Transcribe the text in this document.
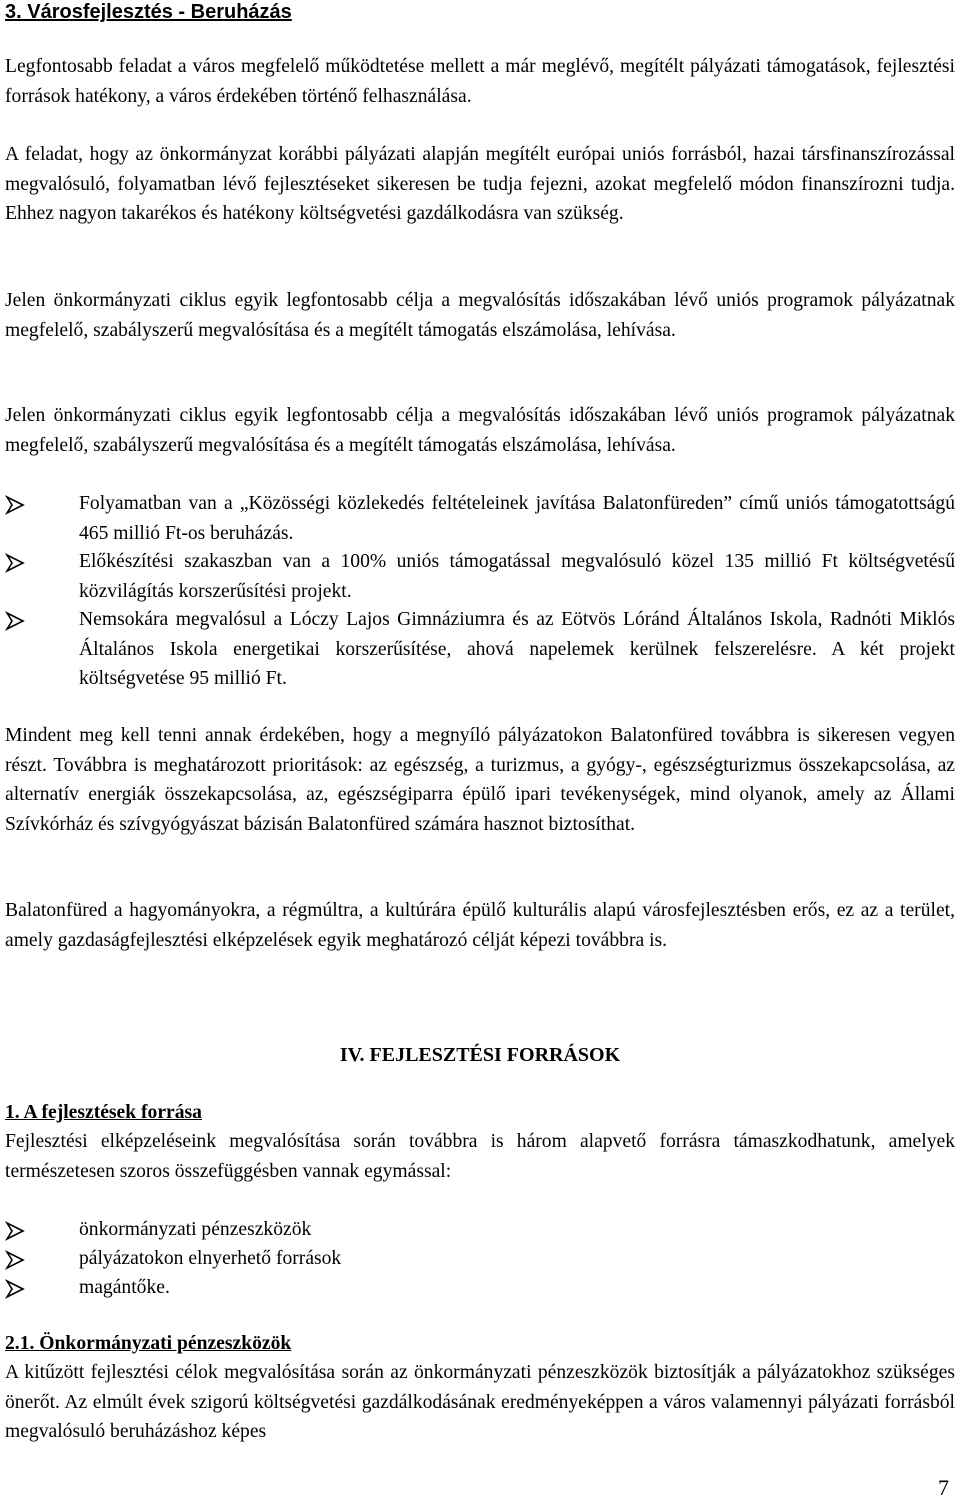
3. Városfejlesztés - Beruházás
Legfontosabb feladat a város megfelelő működtetése mellett a már meglévő, megítélt pályázati támogatások, fejlesztési források hatékony, a város érdekében történő felhasználása.
A feladat, hogy az önkormányzat korábbi pályázati alapján megítélt európai uniós forrásból, hazai társfinanszírozással megvalósuló, folyamatban lévő fejlesztéseket sikeresen be tudja fejezni, azokat megfelelő módon finanszírozni tudja. Ehhez nagyon takarékos és hatékony költségvetési gazdálkodásra van szükség.
Jelen önkormányzati ciklus egyik legfontosabb célja a megvalósítás időszakában lévő uniós programok pályázatnak megfelelő, szabályszerű megvalósítása és a megítélt támogatás elszámolása, lehívása.
Jelen önkormányzati ciklus egyik legfontosabb célja a megvalósítás időszakában lévő uniós programok pályázatnak megfelelő, szabályszerű megvalósítása és a megítélt támogatás elszámolása, lehívása.
Folyamatban van a „Közösségi közlekedés feltételeinek javítása Balatonfüreden” című uniós támogatottságú 465 millió Ft-os beruházás.
Előkészítési szakaszban van a 100% uniós támogatással megvalósuló közel 135 millió Ft költségvetésű közvilágítás korszerűsítési projekt.
Nemsokára megvalósul a Lóczy Lajos Gimnáziumra és az Eötvös Lóránd Általános Iskola, Radnóti Miklós Általános Iskola energetikai korszerűsítése, ahová napelemek kerülnek felszerelésre. A két projekt költségvetése 95 millió Ft.
Mindent meg kell tenni annak érdekében, hogy a megnyíló pályázatokon Balatonfüred továbbra is sikeresen vegyen részt. Továbbra is meghatározott prioritások: az egészség, a turizmus, a gyógy-, egészségturizmus összekapcsolása, az alternatív energiák összekapcsolása, az, egészségiparra épülő ipari tevékenységek, mind olyanok, amely az Állami Szívkórház és szívgyógyászat bázisán Balatonfüred számára hasznot biztosíthat.
Balatonfüred a hagyományokra, a régmúltra, a kultúrára épülő kulturális alapú városfejlesztésben erős, ez az a terület, amely gazdaságfejlesztési elképzelések egyik meghatározó célját képezi továbbra is.
IV. FEJLESZTÉSI FORRÁSOK
1. A fejlesztések forrása
Fejlesztési elképzeléseink megvalósítása során továbbra is három alapvető forrásra támaszkodhatunk, amelyek természetesen szoros összefüggésben vannak egymással:
önkormányzati pénzeszközök
pályázatokon elnyerhető források
magántőke.
2.1. Önkormányzati pénzeszközök
A kitűzött fejlesztési célok megvalósítása során az önkormányzati pénzeszközök biztosítják a pályázatokhoz szükséges önerőt. Az elmúlt évek szigorú költségvetési gazdálkodásának eredményeképpen a város valamennyi pályázati forrásból megvalósuló beruházáshoz képes
7
